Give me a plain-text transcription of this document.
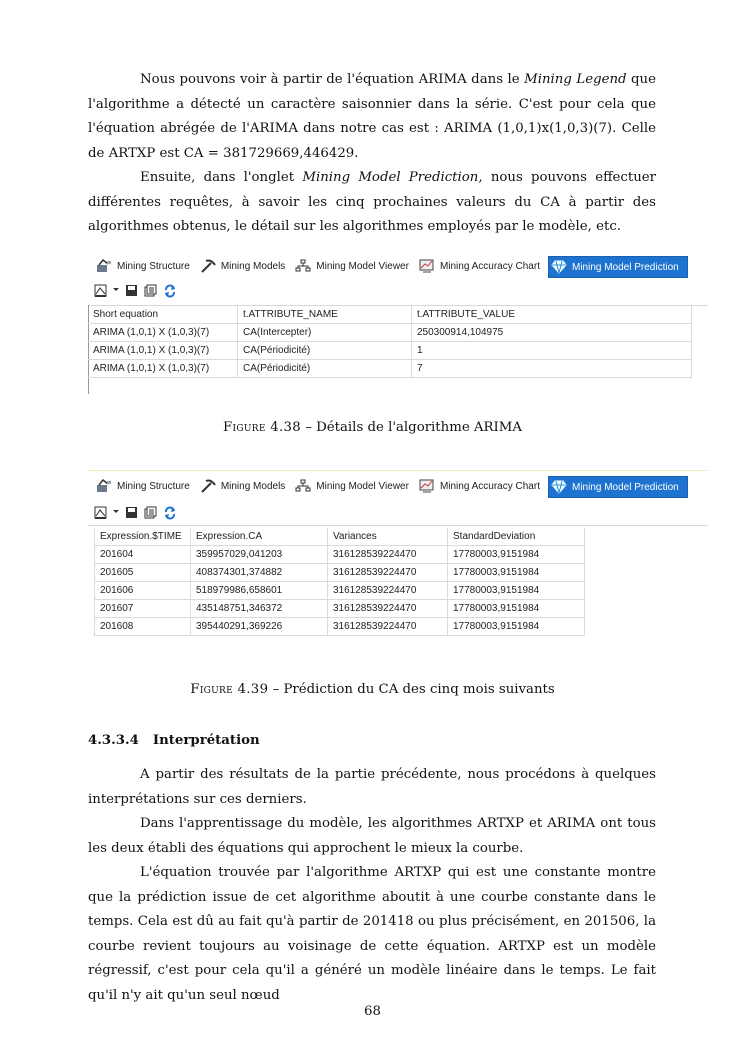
Nous pouvons voir à partir de l'équation ARIMA dans le Mining Legend que l'algorithme a détecté un caractère saisonnier dans la série. C'est pour cela que l'équation abrégée de l'ARIMA dans notre cas est : ARIMA (1,0,1)x(1,0,3)(7). Celle de ARTXP est CA = 381729669,446429.

Ensuite, dans l'onglet Mining Model Prediction, nous pouvons effectuer différentes requêtes, à savoir les cinq prochaines valeurs du CA à partir des algorithmes obtenus, le détail sur les algorithmes employés par le modèle, etc.

Mining Structure	Mining Models	Mining Model Viewer	Mining Accuracy Chart	Mining Model Prediction
Short equation	t.ATTRIBUTE_NAME	t.ATTRIBUTE_VALUE
ARIMA (1,0,1) X (1,0,3)(7)	CA(Intercepter)	250300914,104975
ARIMA (1,0,1) X (1,0,3)(7)	CA(Périodicité)	1
ARIMA (1,0,1) X (1,0,3)(7)	CA(Périodicité)	7
Figure 4.38 – Détails de l'algorithme ARIMA
Mining Structure	Mining Models	Mining Model Viewer	Mining Accuracy Chart	Mining Model Prediction
Expression.$TIME	Expression.CA	Variances	StandardDeviation
201604	359957029,041203	316128539224470	17780003,9151984
201605	408374301,374882	316128539224470	17780003,9151984
201606	518979986,658601	316128539224470	17780003,9151984
201607	435148751,346372	316128539224470	17780003,9151984
201608	395440291,369226	316128539224470	17780003,9151984
Figure 4.39 – Prédiction du CA des cinq mois suivants
4.3.3.4 Interprétation

A partir des résultats de la partie précédente, nous procédons à quelques interprétations sur ces derniers.

Dans l'apprentissage du modèle, les algorithmes ARTXP et ARIMA ont tous les deux établi des équations qui approchent le mieux la courbe.

L'équation trouvée par l'algorithme ARTXP qui est une constante montre que la prédiction issue de cet algorithme aboutit à une courbe constante dans le temps. Cela est dû au fait qu'à partir de 201418 ou plus précisément, en 201506, la courbe revient toujours au voisinage de cette équation. ARTXP est un modèle régressif, c'est pour cela qu'il a généré un modèle linéaire dans le temps. Le fait qu'il n'y ait qu'un seul nœud

68
